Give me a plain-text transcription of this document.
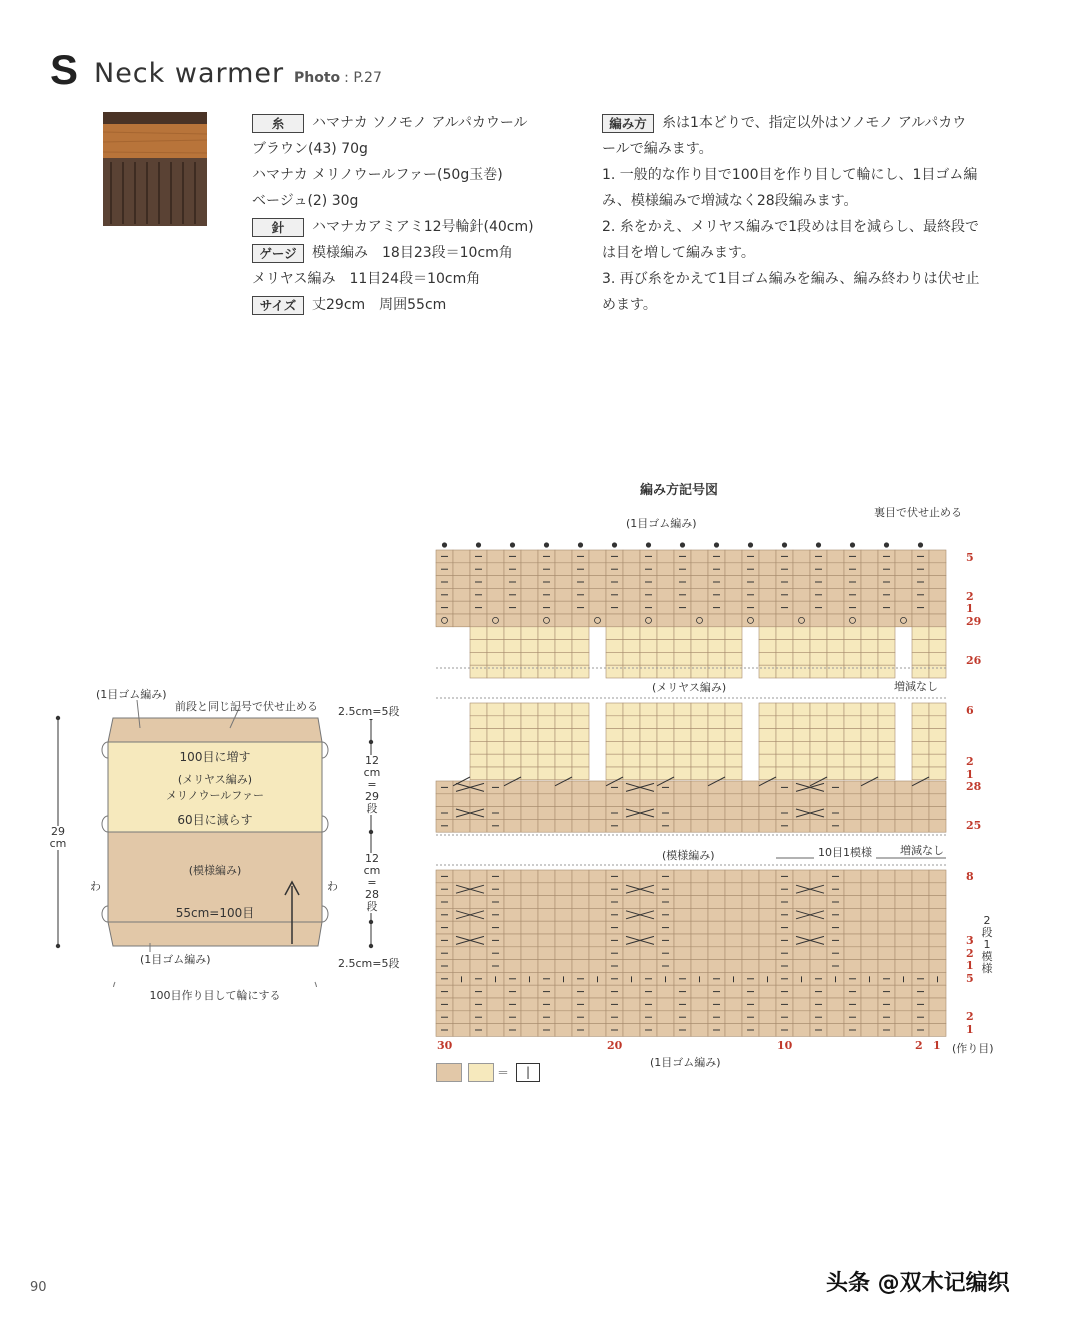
S Neck warmer Photo : P.27
糸 ハマナカ ソノモノ アルパカウール
ブラウン(43) 70g
ハマナカ メリノウールファー(50g玉巻)
ベージュ(2) 30g
針 ハマナカアミアミ12号輪針(40cm)
ゲージ 模様編み　18目23段＝10cm角
メリヤス編み　11目24段＝10cm角
サイズ 丈29cm　周囲55cm

編み方 糸は1本どりで、指定以外はソノモノ アルパカウ

ールで編みます。

1. 一般的な作り目で100目を作り目して輪にし、1目ゴム編

み、模様編みで増減なく28段編みます。

2. 糸をかえ、メリヤス編みで1段めは目を減らし、最終段で

は目を増して編みます。

3. 再び糸をかえて1目ゴム編みを編み、編み終わりは伏せ止

めます。

(1目ゴム編み)
前段と同じ記号で伏せ止める
100目に増す
(メリヤス編み)
メリノウールファー
60目に減らす
(模様編み)
55cm=100目
(1目ゴム編み)
100目作り目して輪にする
29
cm
わ	わ
2.5cm=5段
12
cm
=
29
段
12
cm
=
28
段
2.5cm=5段
編み方記号図
(1目ゴム編み)
裏目で伏せ止める
(メリヤス編み)	増減なし
(模様編み)	10目1模様	増減なし
(1目ゴム編み)
5
2
1
29
26
6
2
1
28
25
8
3
2
1
5
2
1
2
段
1
模
様
(作り目)
30	20	10	2 1
＝	|
90	头条 @双木记编织
